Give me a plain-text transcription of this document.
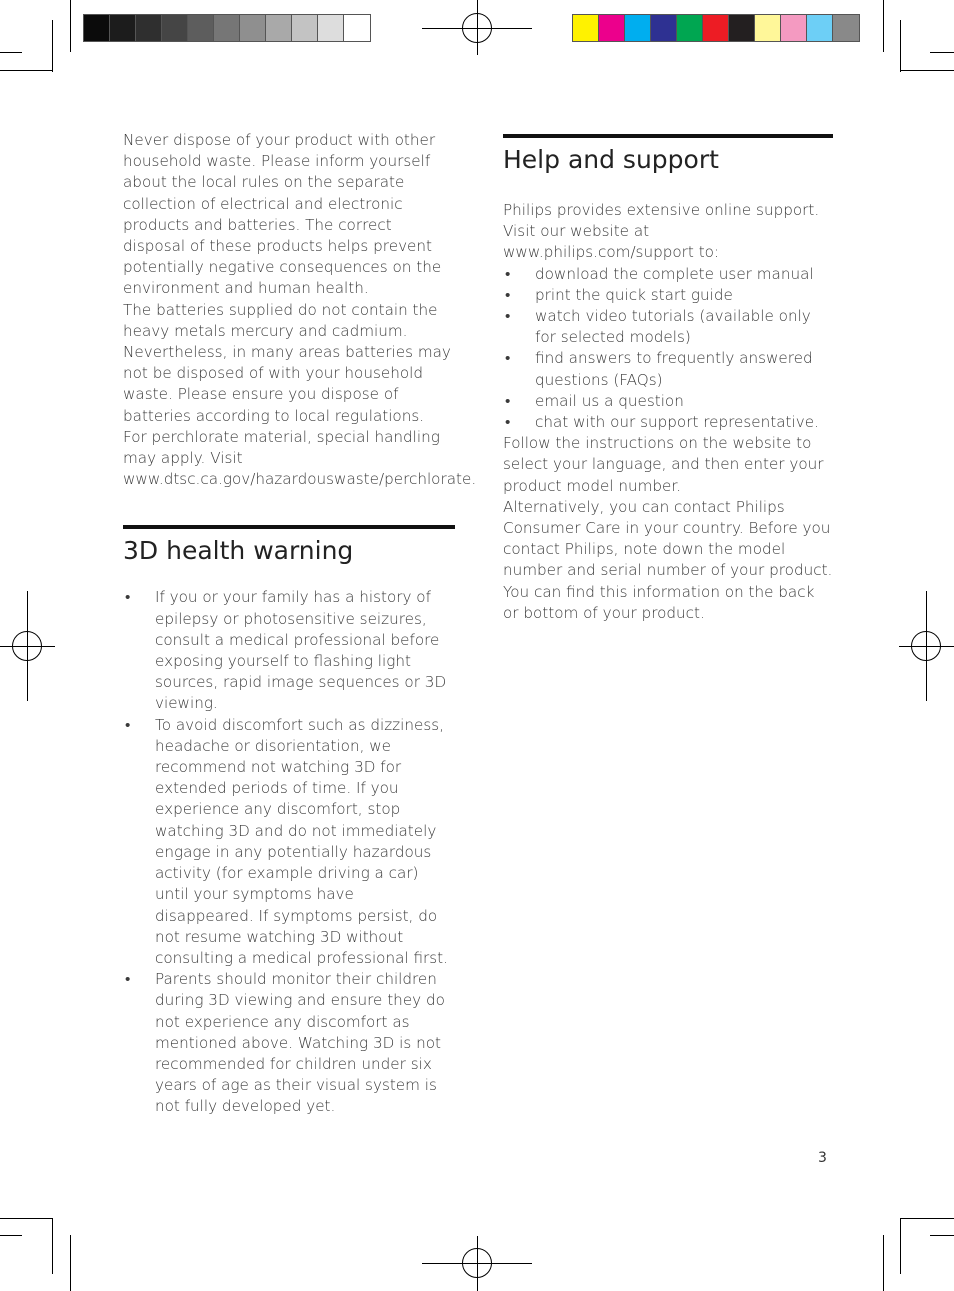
Never dispose of your product with other household waste. Please inform yourself about the local rules on the separate collection of electrical and electronic products and batteries. The correct disposal of these products helps prevent potentially negative consequences on the environment and human health.

The batteries supplied do not contain the heavy metals mercury and cadmium. Nevertheless, in many areas batteries may not be disposed of with your household waste. Please ensure you dispose of batteries according to local regulations.

For perchlorate material, special handling may apply. Visit www.dtsc.ca.gov/hazardouswaste/perchlorate.

3D health warning
• If you or your family has a history of epilepsy or photosensitive seizures, consult a medical professional before exposing yourself to flashing light sources, rapid image sequences or 3D viewing.
• To avoid discomfort such as dizziness, headache or disorientation, we recommend not watching 3D for extended periods of time. If you experience any discomfort, stop watching 3D and do not immediately engage in any potentially hazardous activity (for example driving a car) until your symptoms have disappeared. If symptoms persist, do not resume watching 3D without consulting a medical professional first.
• Parents should monitor their children during 3D viewing and ensure they do not experience any discomfort as mentioned above. Watching 3D is not recommended for children under six years of age as their visual system is not fully developed yet.
Help and support

Philips provides extensive online support. Visit our website at www.philips.com/support to:

• download the complete user manual
• print the quick start guide
• watch video tutorials (available only for selected models)
• find answers to frequently answered questions (FAQs)
• email us a question
• chat with our support representative.

Follow the instructions on the website to select your language, and then enter your product model number.

Alternatively, you can contact Philips Consumer Care in your country. Before you contact Philips, note down the model number and serial number of your product. You can find this information on the back or bottom of your product.

3
